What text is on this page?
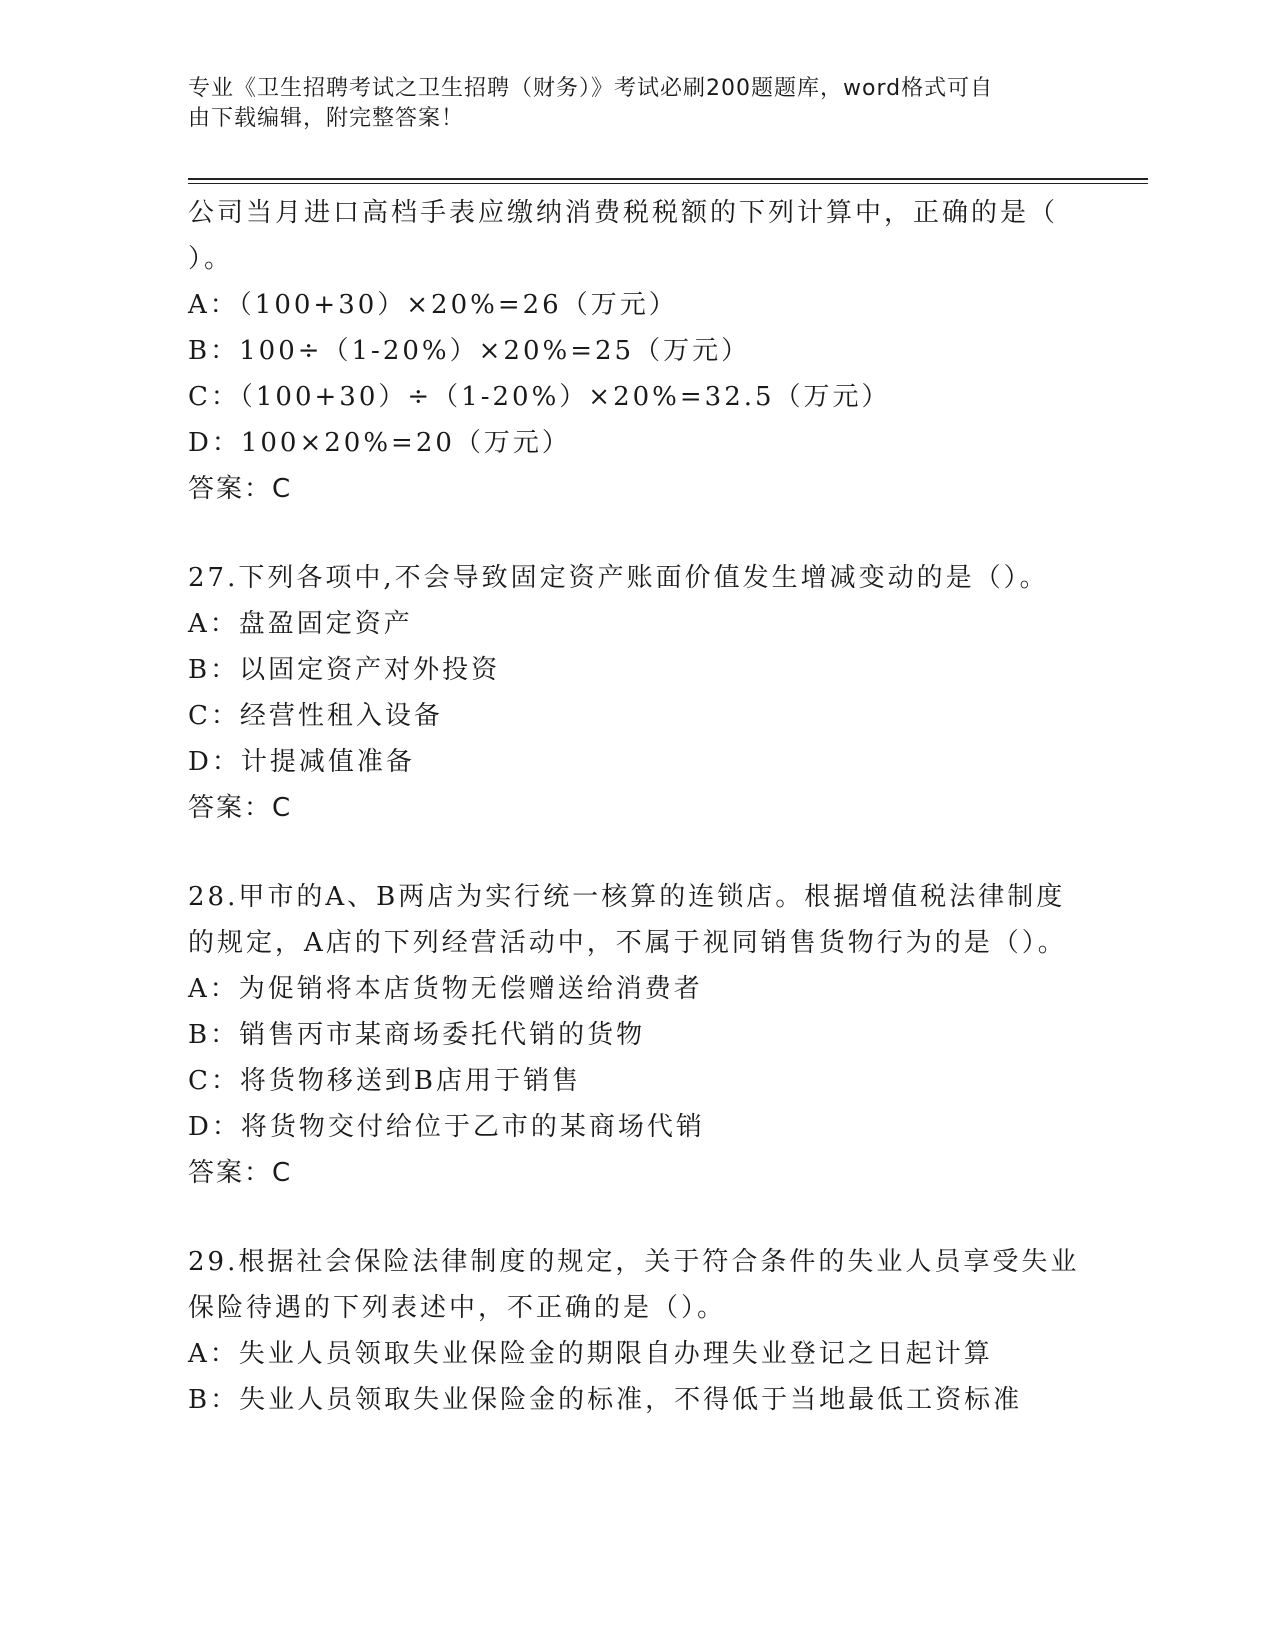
专业《卫生招聘考试之卫生招聘（财务）》考试必刷200题题库，word格式可自
由下载编辑，附完整答案！
公司当月进口高档手表应缴纳消费税税额的下列计算中，正确的是（
）。
A：（100+30）×20%=26（万元）
B：100÷（1-20%）×20%=25（万元）
C：（100+30）÷（1-20%）×20%=32.5（万元）
D：100×20%=20（万元）
答案：C
27.下列各项中,不会导致固定资产账面价值发生增减变动的是（）。
A：盘盈固定资产
B：以固定资产对外投资
C：经营性租入设备
D：计提减值准备
答案：C
28.甲市的A、B两店为实行统一核算的连锁店。根据增值税法律制度
的规定，A店的下列经营活动中，不属于视同销售货物行为的是（）。
A：为促销将本店货物无偿赠送给消费者
B：销售丙市某商场委托代销的货物
C：将货物移送到B店用于销售
D：将货物交付给位于乙市的某商场代销
答案：C
29.根据社会保险法律制度的规定，关于符合条件的失业人员享受失业
保险待遇的下列表述中，不正确的是（）。
A：失业人员领取失业保险金的期限自办理失业登记之日起计算
B：失业人员领取失业保险金的标准，不得低于当地最低工资标准
